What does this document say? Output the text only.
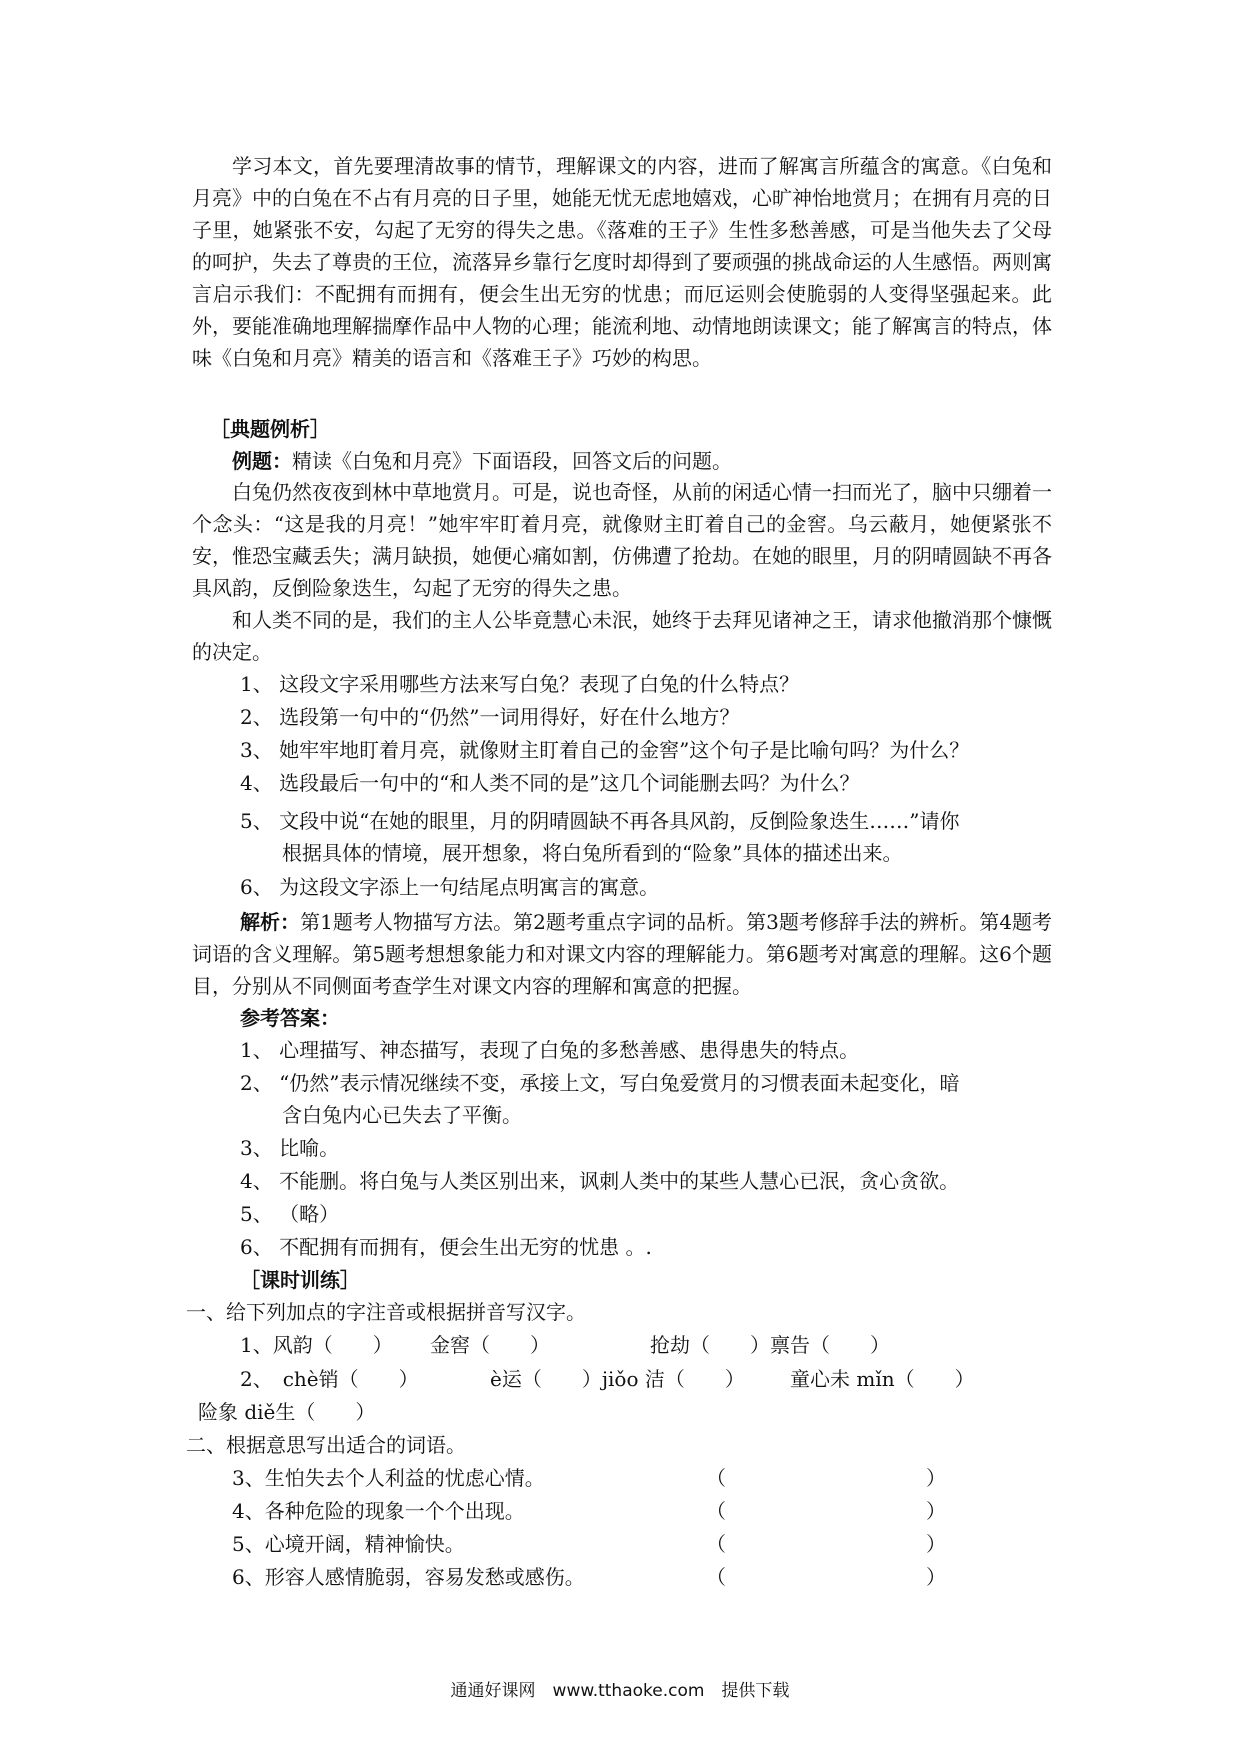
学习本文，首先要理清故事的情节，理解课文的内容，进而了解寓言所蕴含的寓意。《白兔和月亮》中的白兔在不占有月亮的日子里，她能无忧无虑地嬉戏，心旷神怡地赏月；在拥有月亮的日子里，她紧张不安，勾起了无穷的得失之患。《落难的王子》生性多愁善感，可是当他失去了父母的呵护，失去了尊贵的王位，流落异乡靠行乞度时却得到了要顽强的挑战命运的人生感悟。两则寓言启示我们：不配拥有而拥有，便会生出无穷的忧患；而厄运则会使脆弱的人变得坚强起来。此外，要能准确地理解揣摩作品中人物的心理；能流利地、动情地朗读课文；能了解寓言的特点，体味《白兔和月亮》精美的语言和《落难王子》巧妙的构思。

［典题例析］

例题：精读《白兔和月亮》下面语段，回答文后的问题。

白兔仍然夜夜到林中草地赏月。可是，说也奇怪，从前的闲适心情一扫而光了，脑中只绷着一个念头：“这是我的月亮！”她牢牢盯着月亮，就像财主盯着自己的金窖。乌云蔽月，她便紧张不安，惟恐宝藏丢失；满月缺损，她便心痛如割，仿佛遭了抢劫。在她的眼里，月的阴晴圆缺不再各具风韵，反倒险象迭生，勾起了无穷的得失之患。

和人类不同的是，我们的主人公毕竟慧心未泯，她终于去拜见诸神之王，请求他撤消那个慷慨的决定。

1、 这段文字采用哪些方法来写白兔？表现了白兔的什么特点？

2、 选段第一句中的“仍然”一词用得好，好在什么地方？

3、 她牢牢地盯着月亮，就像财主盯着自己的金窖”这个句子是比喻句吗？为什么？

4、 选段最后一句中的“和人类不同的是”这几个词能删去吗？为什么？

5、 文段中说“在她的眼里，月的阴晴圆缺不再各具风韵，反倒险象迭生……”请你

根据具体的情境，展开想象，将白兔所看到的“险象”具体的描述出来。

6、 为这段文字添上一句结尾点明寓言的寓意。

解析：第1题考人物描写方法。第2题考重点字词的品析。第3题考修辞手法的辨析。第4题考词语的含义理解。第5题考想想象能力和对课文内容的理解能力。第6题考对寓意的理解。这6个题目，分别从不同侧面考查学生对课文内容的理解和寓意的把握。

参考答案：

1、 心理描写、神态描写，表现了白兔的多愁善感、患得患失的特点。

2、 “仍然”表示情况继续不变，承接上文，写白兔爱赏月的习惯表面未起变化，暗

含白兔内心已失去了平衡。

3、 比喻。

4、 不能删。将白兔与人类区别出来，讽刺人类中的某些人慧心已泯，贪心贪欲。

5、 （略）

6、 不配拥有而拥有，便会生出无穷的忧患 。.

［课时训练］

一、给下列加点的字注音或根据拼音写汉字。

1、风韵（　　） 金窖（　　）	抢劫（　　）禀告（　　）

2、　chè销（　　）	è运（　　）jiǒo 洁（　　） 童心未 mǐn（　　）

险象 diě生（　　）

二、根据意思写出适合的词语。

3、生怕失去个人利益的忧虑心情。	（　　　　　　　　　　）

4、各种危险的现象一个个出现。	（　　　　　　　　　　）

5、心境开阔，精神愉快。	（　　　　　　　　　　）

6、形容人感情脆弱，容易发愁或感伤。	（　　　　　　　　　　）

通通好课网　www.tthaoke.com　提供下载
